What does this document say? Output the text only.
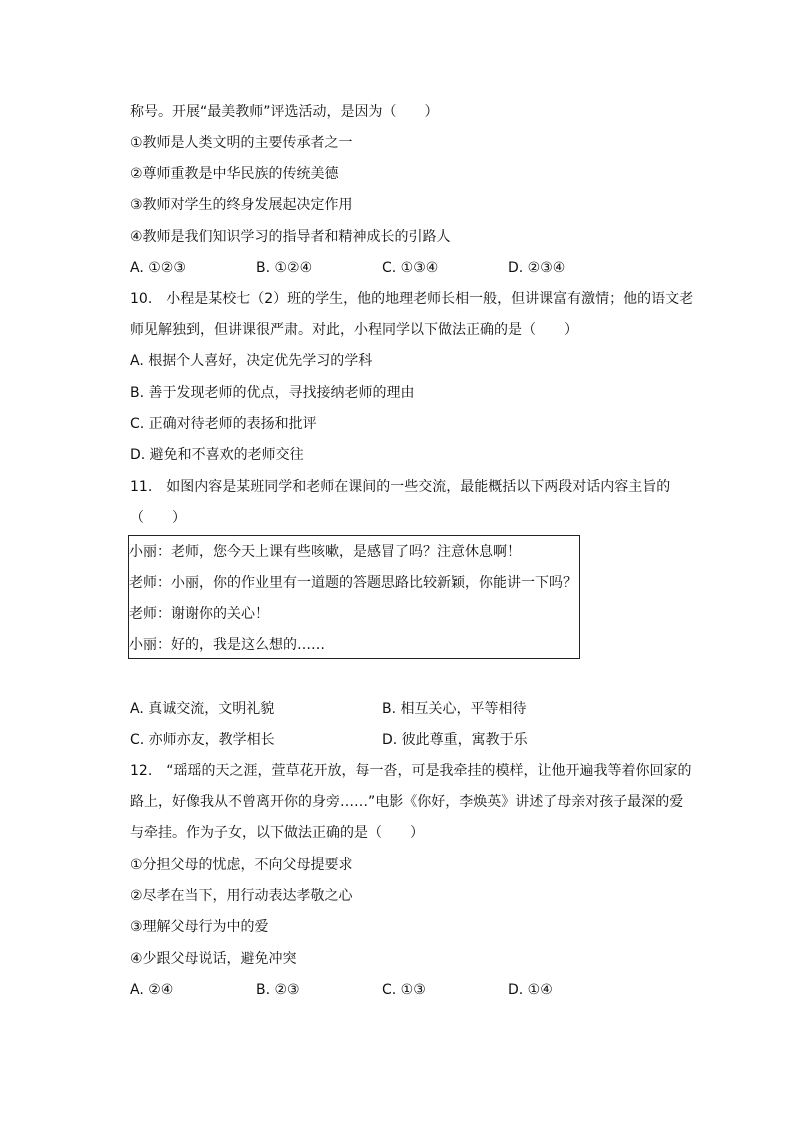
称号。开展“最美教师”评选活动，是因为（　　）
①教师是人类文明的主要传承者之一
②尊师重教是中华民族的传统美德
③教师对学生的终身发展起决定作用
④教师是我们知识学习的指导者和精神成长的引路人
A. ①②③	B. ①②④	C. ①③④	D. ②③④
10.　小程是某校七（2）班的学生，他的地理老师长相一般，但讲课富有激情；他的语文老
师见解独到，但讲课很严肃。对此，小程同学以下做法正确的是（　　）
A. 根据个人喜好，决定优先学习的学科
B. 善于发现老师的优点，寻找接纳老师的理由
C. 正确对待老师的表扬和批评
D. 避免和不喜欢的老师交往
11.　如图内容是某班同学和老师在课间的一些交流，最能概括以下两段对话内容主旨的
（　　）
小丽：老师，您今天上课有些咳嗽，是感冒了吗？注意休息啊！
老师：小丽，你的作业里有一道题的答题思路比较新颖，你能讲一下吗？
老师：谢谢你的关心！
小丽：好的，我是这么想的……
A. 真诚交流，文明礼貌	B. 相互关心，平等相待
C. 亦师亦友，教学相长	D. 彼此尊重，寓教于乐
12.　“瑶瑶的天之涯，萱草花开放，每一沓，可是我牵挂的模样，让他开遍我等着你回家的
路上，好像我从不曾离开你的身旁……”电影《你好，李焕英》讲述了母亲对孩子最深的爱
与牵挂。作为子女，以下做法正确的是（　　）
①分担父母的忧虑，不向父母提要求
②尽孝在当下，用行动表达孝敬之心
③理解父母行为中的爱
④少跟父母说话，避免冲突
A. ②④	B. ②③	C. ①③	D. ①④
